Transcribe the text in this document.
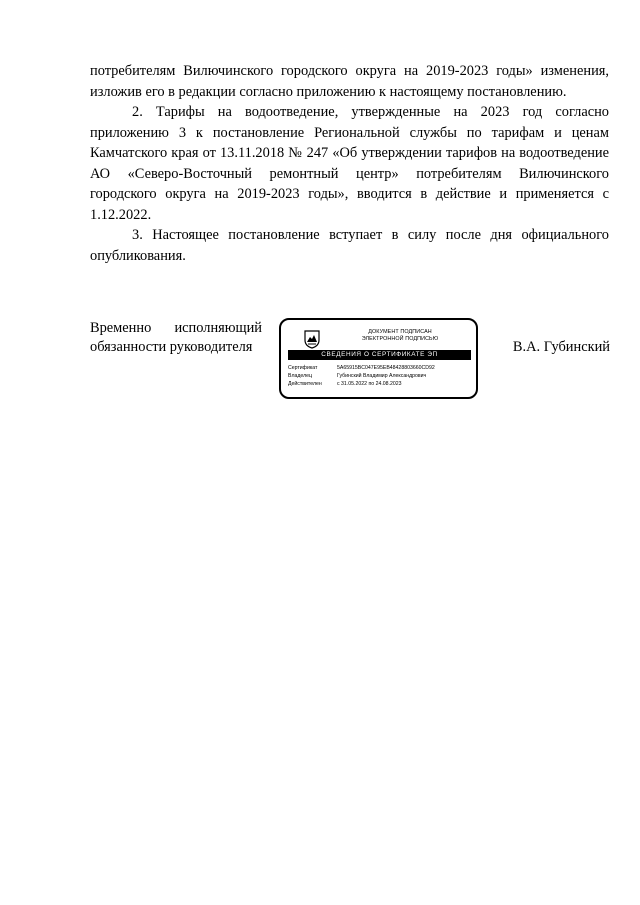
потребителям Вилючинского городского округа на 2019-2023 годы» изменения, изложив его в редакции согласно приложению к настоящему постановлению.

2. Тарифы на водоотведение, утвержденные на 2023 год согласно приложению 3 к постановление Региональной службы по тарифам и ценам Камчатского края от 13.11.2018 № 247 «Об утверждении тарифов на водоотведение АО «Северо-Восточный ремонтный центр» потребителям Вилючинского городского округа на 2019-2023 годы», вводится в действие и применяется с 1.12.2022.

3. Настоящее постановление вступает в силу после дня официального опубликования.

Временно исполняющий
обязанности руководителя
ДОКУМЕНТ ПОДПИСАН
ЭЛЕКТРОННОЙ ПОДПИСЬЮ
СВЕДЕНИЯ О СЕРТИФИКАТЕ ЭП
Сертификат	5A65915BC047E95EB48428803660CD92
Владелец	Губинский Владимир Александрович
Действителен	с 31.05.2022 по 24.08.2023
В.А. Губинский
